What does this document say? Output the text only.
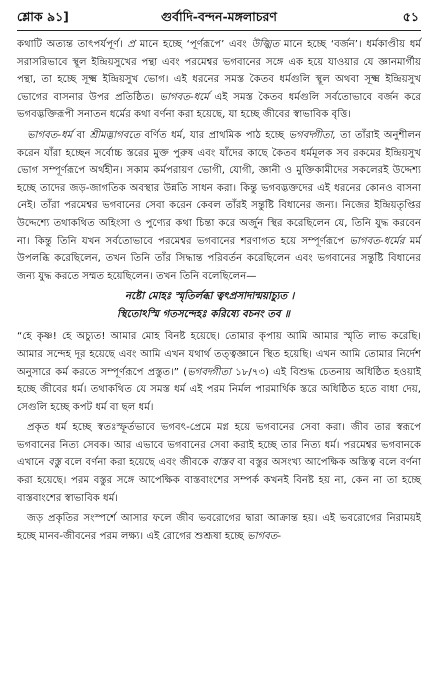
শ্লোক ৯১]	গুর্বাদি-বন্দন-মঙ্গলাচরণ	৫১

কথাটি অত্যন্ত তাৎপর্যপূর্ণ। প্র মানে হচ্ছে ‘পূর্ণরূপে’ এবং উজ্ঝিত মানে হচ্ছে ‘বর্জন’। ধর্মকাণ্ডীয় ধর্ম সরাসরিভাবে স্থূল ইন্দ্রিয়সুখের পন্থা এবং পরমেশ্বর ভগবানের সঙ্গে এক হয়ে যাওয়ার যে জ্ঞানমার্গীয় পন্থা, তা হচ্ছে সূক্ষ্ম ইন্দ্রিয়সুখ ভোগ। এই ধরনের সমস্ত কৈতব ধর্মগুলি স্থূল অথবা সূক্ষ্ম ইন্দ্রিয়সুখ ভোগের বাসনার উপর প্রতিষ্ঠিত। ভাগবত-ধর্মে এই সমস্ত কৈতব ধর্মগুলি সর্বতোভাবে বর্জন করে ভগবদ্ভক্তিরূপী সনাতন ধর্মের কথা বর্ণনা করা হয়েছে, যা হচ্ছে জীবের স্বাভাবিক বৃত্তি।

ভাগবত-ধর্ম বা শ্রীমদ্ভাগবতে বর্ণিত ধর্ম, যার প্রাথমিক পাঠ হচ্ছে ভগবদ্গীতা, তা তাঁরাই অনুশীলন করেন যাঁরা হচ্ছেন সর্বোচ্চ স্তরের মুক্ত পুরুষ এবং যাঁদের কাছে কৈতব ধর্মমূলক সব রকমের ইন্দ্রিয়সুখ ভোগ সম্পূর্ণরূপে অর্থহীন। সকাম কর্মপরায়ণ ভোগী, যোগী, জ্ঞানী ও মুক্তিকামীদের সকলেরই উদ্দেশ্য হচ্ছে তাদের জড়-জাগতিক অবস্থার উন্নতি সাধন করা। কিন্তু ভগবদ্ভক্তদের এই ধরনের কোনও বাসনা নেই। তাঁরা পরমেশ্বর ভগবানের সেবা করেন কেবল তাঁরই সন্তুষ্টি বিধানের জন্য। নিজের ইন্দ্রিয়তৃপ্তির উদ্দেশ্যে তথাকথিত অহিংসা ও পুণ্যের কথা চিন্তা করে অর্জুন স্থির করেছিলেন যে, তিনি যুদ্ধ করবেন না। কিন্তু তিনি যখন সর্বতোভাবে পরমেশ্বর ভগবানের শরণাগত হয়ে সম্পূর্ণরূপে ভাগবত-ধর্মের মর্ম উপলব্ধি করেছিলেন, তখন তিনি তাঁর সিদ্ধান্ত পরিবর্তন করেছিলেন এবং ভগবানের সন্তুষ্টি বিধানের জন্য যুদ্ধ করতে সম্মত হয়েছিলেন। তখন তিনি বলেছিলেন—

নষ্টো মোহঃ স্মৃতির্লব্ধা ত্বৎপ্রসাদান্ময়াচ্যুত ।
স্থিতোঽস্মি গতসন্দেহঃ করিষ্যে বচনং তব ॥

“হে কৃষ্ণ! হে অচ্যুত! আমার মোহ বিনষ্ট হয়েছে। তোমার কৃপায় আমি আমার স্মৃতি লাভ করেছি। আমার সন্দেহ দূর হয়েছে এবং আমি এখন যথার্থ তত্ত্বজ্ঞানে স্থিত হয়েছি। এখন আমি তোমার নির্দেশ অনুসারে কর্ম করতে সম্পূর্ণরূপে প্রস্তুত।” (ভগবদ্গীতা ১৮/৭৩) এই বিশুদ্ধ চেতনায় অধিষ্ঠিত হওয়াই হচ্ছে জীবের ধর্ম। তথাকথিত যে সমস্ত ধর্ম এই পরম নির্মল পারমার্থিক স্তরে অধিষ্ঠিত হতে বাধা দেয়, সেগুলি হচ্ছে কপট ধর্ম বা ছল ধর্ম।

প্রকৃত ধর্ম হচ্ছে স্বতঃস্ফূর্তভাবে ভগবৎ-প্রেমে মগ্ন হয়ে ভগবানের সেবা করা। জীব তার স্বরূপে ভগবানের নিত্য সেবক। আর এভাবে ভগবানের সেবা করাই হচ্ছে তার নিত্য ধর্ম। পরমেশ্বর ভগবানকে এখানে বস্তু বলে বর্ণনা করা হয়েছে এবং জীবকে বাস্তব বা বস্তুর অসংখ্য আপেক্ষিক অস্তিত্ব বলে বর্ণনা করা হয়েছে। পরম বস্তুর সঙ্গে আপেক্ষিক বাস্তবাংশের সম্পর্ক কখনই বিনষ্ট হয় না, কেন না তা হচ্ছে বাস্তবাংশের স্বাভাবিক ধর্ম।

জড় প্রকৃতির সংস্পর্শে আসার ফলে জীব ভবরোগের দ্বারা আক্রান্ত হয়। এই ভবরোগের নিরাময়ই হচ্ছে মানব-জীবনের পরম লক্ষ্য। এই রোগের শুশ্রূষা হচ্ছে ভাগবত-
